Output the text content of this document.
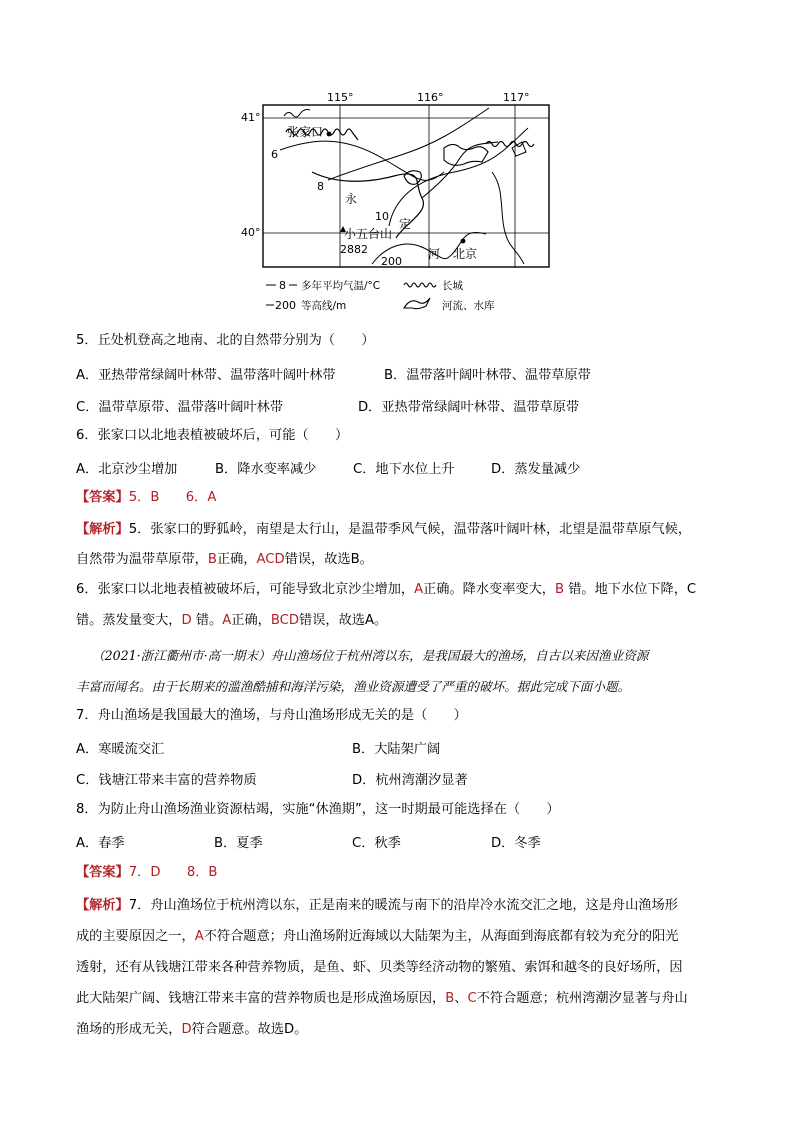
115°	116°	117°
41°
40°
6
8
10
200
张家口
永
定
河 北京
小五台山
2882
8 多年平均气温/°C	长城
200 等高线/m	河流、水库
5．丘处机登高之地南、北的自然带分别为（　　）
A．亚热带常绿阔叶林带、温带落叶阔叶林带	B．温带落叶阔叶林带、温带草原带
C．温带草原带、温带落叶阔叶林带	D．亚热带常绿阔叶林带、温带草原带
6．张家口以北地表植被破坏后，可能（　　）
A．北京沙尘增加	B．降水变率减少	C．地下水位上升	D．蒸发量减少
【答案】5．B　　6．A
【解析】5．张家口的野狐岭，南望是太行山，是温带季风气候，温带落叶阔叶林，北望是温带草原气候，
自然带为温带草原带，B正确，ACD错误，故选B。
6．张家口以北地表植被破坏后，可能导致北京沙尘增加，A正确。降水变率变大，B 错。地下水位下降，C
错。蒸发量变大，D 错。A正确，BCD错误，故选A。
（2021·浙江衢州市·高一期末）舟山渔场位于杭州湾以东，是我国最大的渔场，自古以来因渔业资源
丰富而闻名。由于长期来的滥渔酷捕和海洋污染，渔业资源遭受了严重的破坏。据此完成下面小题。
7．舟山渔场是我国最大的渔场，与舟山渔场形成无关的是（　　）
A．寒暖流交汇	B．大陆架广阔
C．钱塘江带来丰富的营养物质	D．杭州湾潮汐显著
8．为防止舟山渔场渔业资源枯竭，实施“休渔期”，这一时期最可能选择在（　　）
A．春季	B．夏季	C．秋季	D．冬季
【答案】7．D　　8．B
【解析】7．舟山渔场位于杭州湾以东，正是南来的暖流与南下的沿岸冷水流交汇之地，这是舟山渔场形
成的主要原因之一，A不符合题意；舟山渔场附近海域以大陆架为主，从海面到海底都有较为充分的阳光
透射，还有从钱塘江带来各种营养物质，是鱼、虾、贝类等经济动物的繁殖、索饵和越冬的良好场所，因
此大陆架广阔、钱塘江带来丰富的营养物质也是形成渔场原因，B、C不符合题意；杭州湾潮汐显著与舟山
渔场的形成无关，D符合题意。故选D。
